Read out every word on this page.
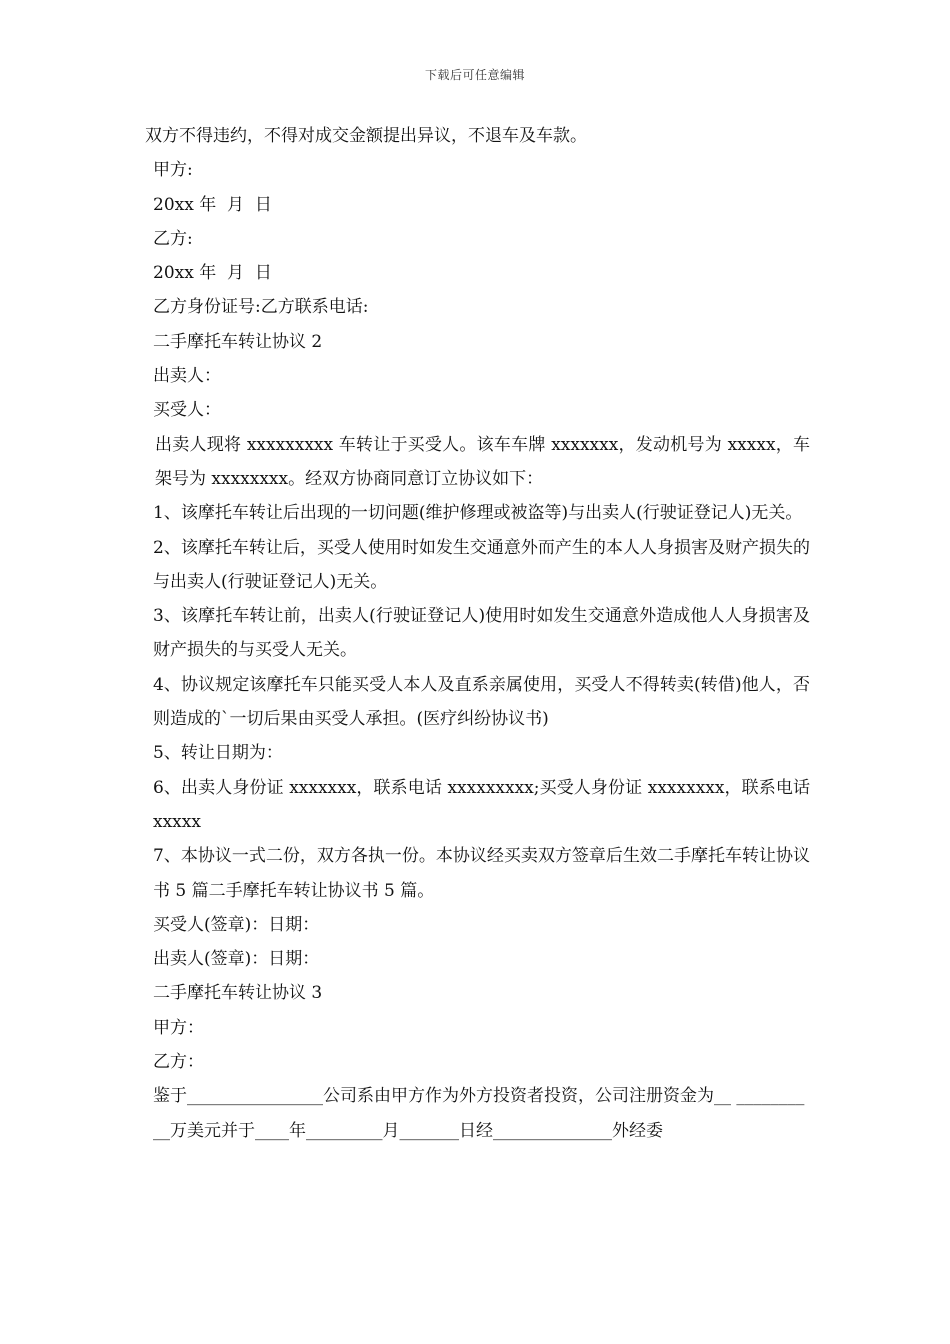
下载后可任意编辑

双方不得违约，不得对成交金额提出异议，不退车及车款。

甲方:

20xx 年  月  日

乙方:

20xx 年  月  日

乙方身份证号:乙方联系电话:

二手摩托车转让协议 2

出卖人：

买受人：

出卖人现将 xxxxxxxxx 车转让于买受人。该车车牌 xxxxxxx，发动机号为 xxxxx，车架号为 xxxxxxxx。经双方协商同意订立协议如下：

1、该摩托车转让后出现的一切问题(维护修理或被盗等)与出卖人(行驶证登记人)无关。

2、该摩托车转让后，买受人使用时如发生交通意外而产生的本人人身损害及财产损失的与出卖人(行驶证登记人)无关。

3、该摩托车转让前，出卖人(行驶证登记人)使用时如发生交通意外造成他人人身损害及财产损失的与买受人无关。

4、协议规定该摩托车只能买受人本人及直系亲属使用，买受人不得转卖(转借)他人，否则造成的`一切后果由买受人承担。(医疗纠纷协议书)

5、转让日期为：

6、出卖人身份证 xxxxxxx，联系电话 xxxxxxxxx;买受人身份证 xxxxxxxx，联系电话 xxxxx

7、本协议一式二份，双方各执一份。本协议经买卖双方签章后生效二手摩托车转让协议书 5 篇二手摩托车转让协议书 5 篇。

买受人(签章)：日期：

出卖人(签章)：日期：

二手摩托车转让协议 3

甲方：

乙方：

鉴于________________公司系由甲方作为外方投资者投资，公司注册资金为__ __________万美元并于____年_________月_______日经______________外经委
